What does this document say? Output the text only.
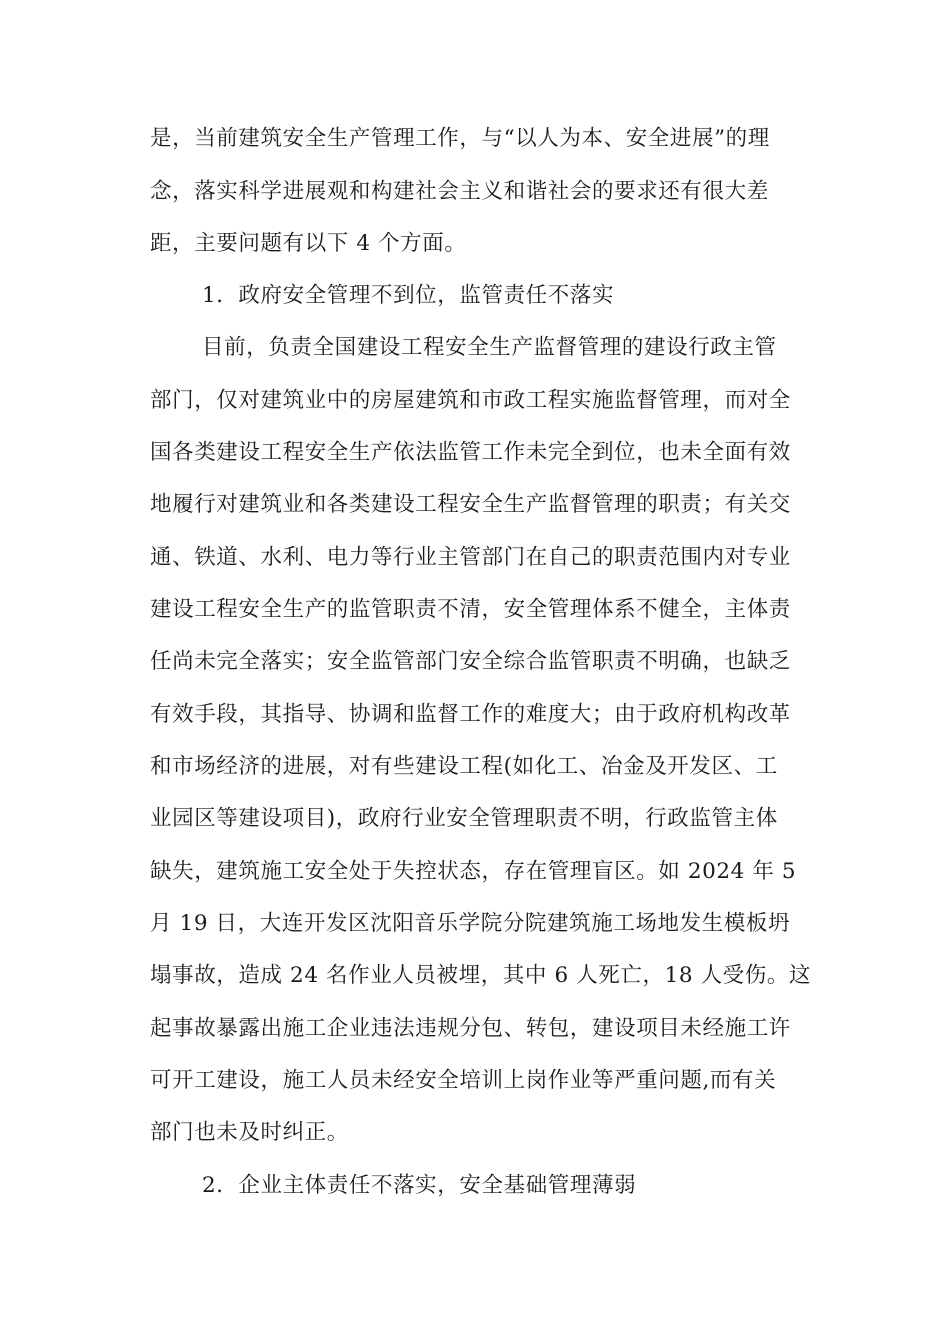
是，当前建筑安全生产管理工作，与“以人为本、安全进展”的理
念，落实科学进展观和构建社会主义和谐社会的要求还有很大差
距，主要问题有以下 4 个方面。
1．政府安全管理不到位，监管责任不落实
目前，负责全国建设工程安全生产监督管理的建设行政主管
部门，仅对建筑业中的房屋建筑和市政工程实施监督管理，而对全
国各类建设工程安全生产依法监管工作未完全到位，也未全面有效
地履行对建筑业和各类建设工程安全生产监督管理的职责；有关交
通、铁道、水利、电力等行业主管部门在自己的职责范围内对专业
建设工程安全生产的监管职责不清，安全管理体系不健全，主体责
任尚未完全落实；安全监管部门安全综合监管职责不明确，也缺乏
有效手段，其指导、协调和监督工作的难度大；由于政府机构改革
和市场经济的进展，对有些建设工程(如化工、冶金及开发区、工
业园区等建设项目)，政府行业安全管理职责不明，行政监管主体
缺失，建筑施工安全处于失控状态，存在管理盲区。如 2024 年 5
月 19 日，大连开发区沈阳音乐学院分院建筑施工场地发生模板坍
塌事故，造成 24 名作业人员被埋，其中 6 人死亡，18 人受伤。这
起事故暴露出施工企业违法违规分包、转包，建设项目未经施工许
可开工建设，施工人员未经安全培训上岗作业等严重问题,而有关
部门也未及时纠正。
2．企业主体责任不落实，安全基础管理薄弱
